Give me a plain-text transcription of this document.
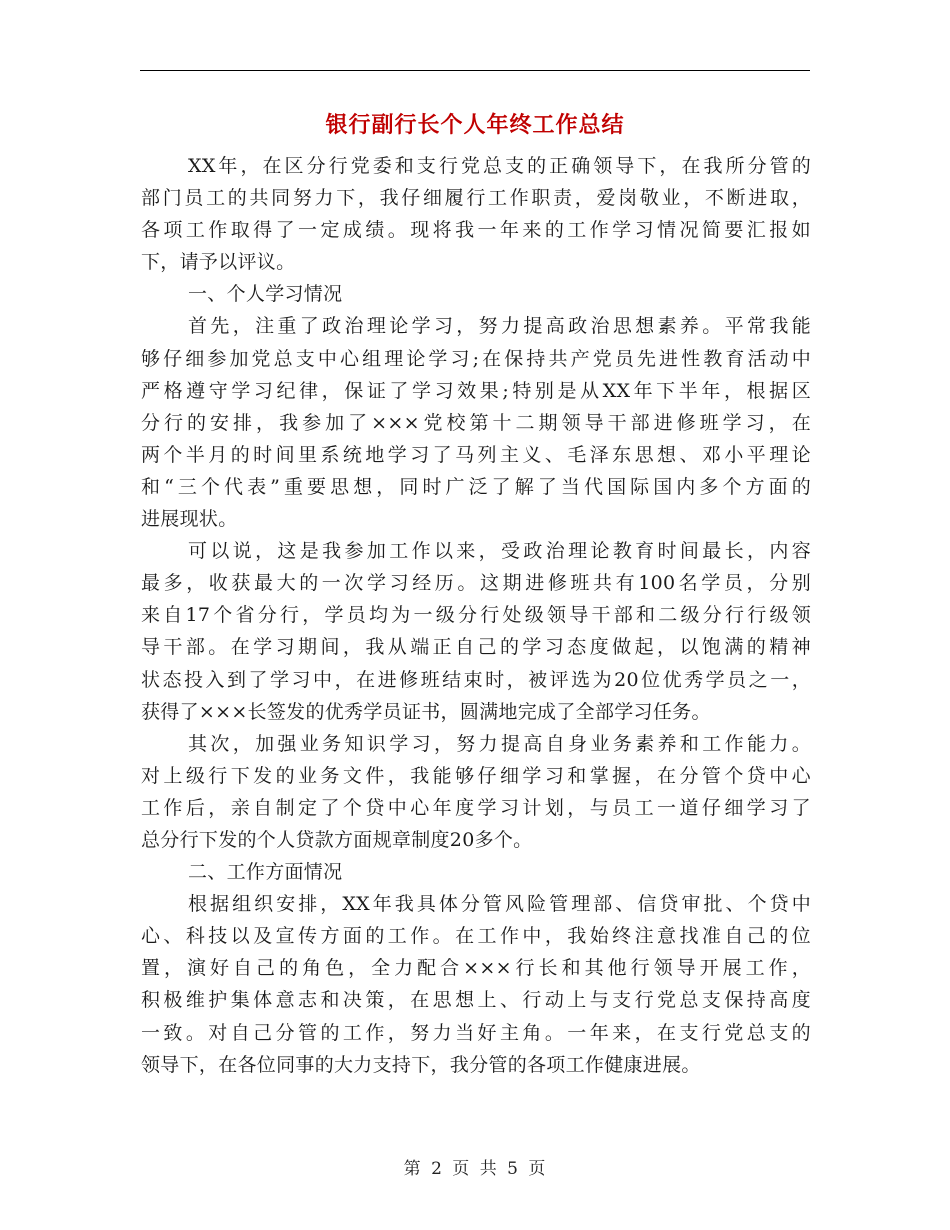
银行副行长个人年终工作总结
XX年，在区分行党委和支行党总支的正确领导下，在我所分管的
部门员工的共同努力下，我仔细履行工作职责，爱岗敬业，不断进取，
各项工作取得了一定成绩。现将我一年来的工作学习情况简要汇报如
下，请予以评议。
一、个人学习情况
首先，注重了政治理论学习，努力提高政治思想素养。平常我能
够仔细参加党总支中心组理论学习;在保持共产党员先进性教育活动中
严格遵守学习纪律，保证了学习效果;特别是从XX年下半年，根据区
分行的安排，我参加了×××党校第十二期领导干部进修班学习，在
两个半月的时间里系统地学习了马列主义、毛泽东思想、邓小平理论
和“三个代表”重要思想，同时广泛了解了当代国际国内多个方面的
进展现状。
可以说，这是我参加工作以来，受政治理论教育时间最长，内容
最多，收获最大的一次学习经历。这期进修班共有100名学员，分别
来自17个省分行，学员均为一级分行处级领导干部和二级分行行级领
导干部。在学习期间，我从端正自己的学习态度做起，以饱满的精神
状态投入到了学习中，在进修班结束时，被评选为20位优秀学员之一，
获得了×××长签发的优秀学员证书，圆满地完成了全部学习任务。
其次，加强业务知识学习，努力提高自身业务素养和工作能力。
对上级行下发的业务文件，我能够仔细学习和掌握，在分管个贷中心
工作后，亲自制定了个贷中心年度学习计划，与员工一道仔细学习了
总分行下发的个人贷款方面规章制度20多个。
二、工作方面情况
根据组织安排，XX年我具体分管风险管理部、信贷审批、个贷中
心、科技以及宣传方面的工作。在工作中，我始终注意找准自己的位
置，演好自己的角色，全力配合×××行长和其他行领导开展工作，
积极维护集体意志和决策，在思想上、行动上与支行党总支保持高度
一致。对自己分管的工作，努力当好主角。一年来，在支行党总支的
领导下，在各位同事的大力支持下，我分管的各项工作健康进展。
第 2 页 共 5 页
